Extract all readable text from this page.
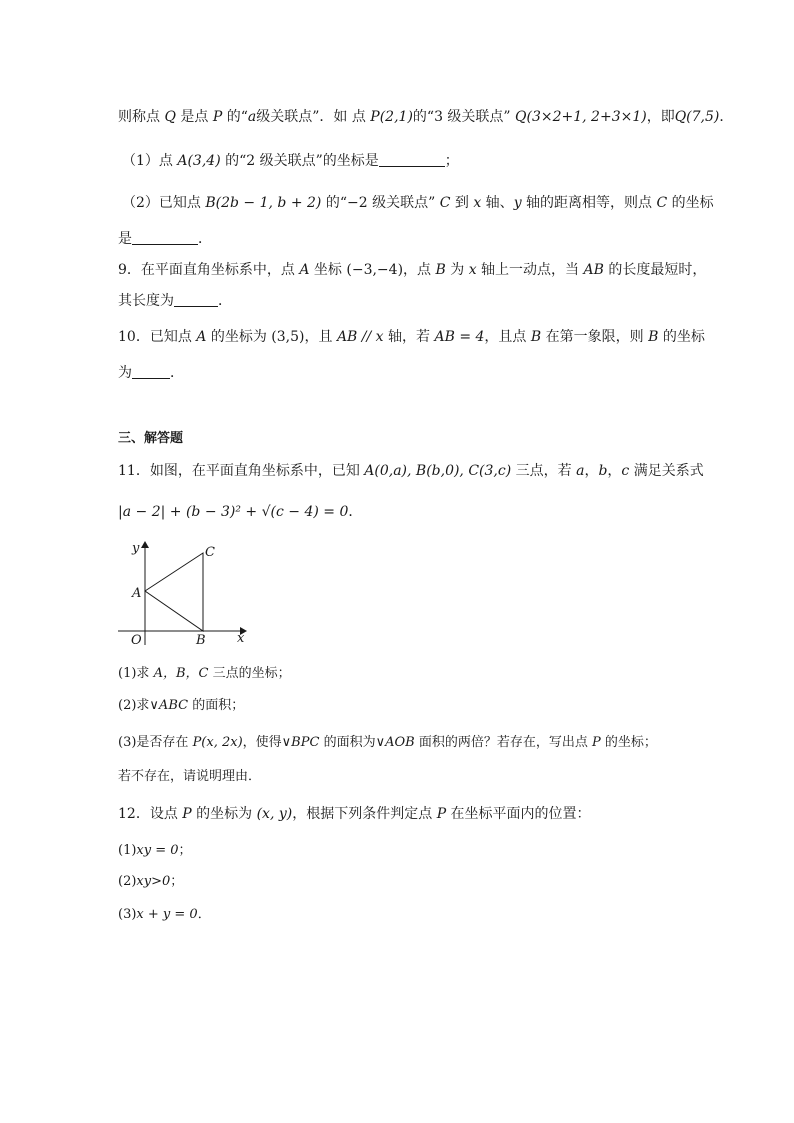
则称点 Q 是点 P 的“a级关联点”．如 点 P(2,1)的“3 级关联点” Q(3×2+1, 2+3×1)，即Q(7,5)．
（1）点 A(3,4) 的“2 级关联点”的坐标是	；
（2）已知点 B(2b − 1, b + 2) 的“−2 级关联点” C 到 x 轴、y 轴的距离相等，则点 C 的坐标
是	．
9．在平面直角坐标系中，点 A 坐标 (−3,−4)，点 B 为 x 轴上一动点，当 AB 的长度最短时，
其长度为	．
10．已知点 A 的坐标为 (3,5)，且 AB // x 轴，若 AB = 4，且点 B 在第一象限，则 B 的坐标
为	．
三、解答题
11．如图，在平面直角坐标系中，已知 A(0,a), B(b,0), C(3,c) 三点，若 a，b，c 满足关系式
|a − 2| + (b − 3)² + √(c − 4) = 0．
y
x
O
A
B
C
(1)求 A，B，C 三点的坐标；
(2)求∨ABC 的面积；
(3)是否存在 P(x, 2x)，使得∨BPC 的面积为∨AOB 面积的两倍？若存在，写出点 P 的坐标；
若不存在，请说明理由．
12．设点 P 的坐标为 (x, y)，根据下列条件判定点 P 在坐标平面内的位置：
(1)xy = 0；
(2)xy>0；
(3)x + y = 0．
